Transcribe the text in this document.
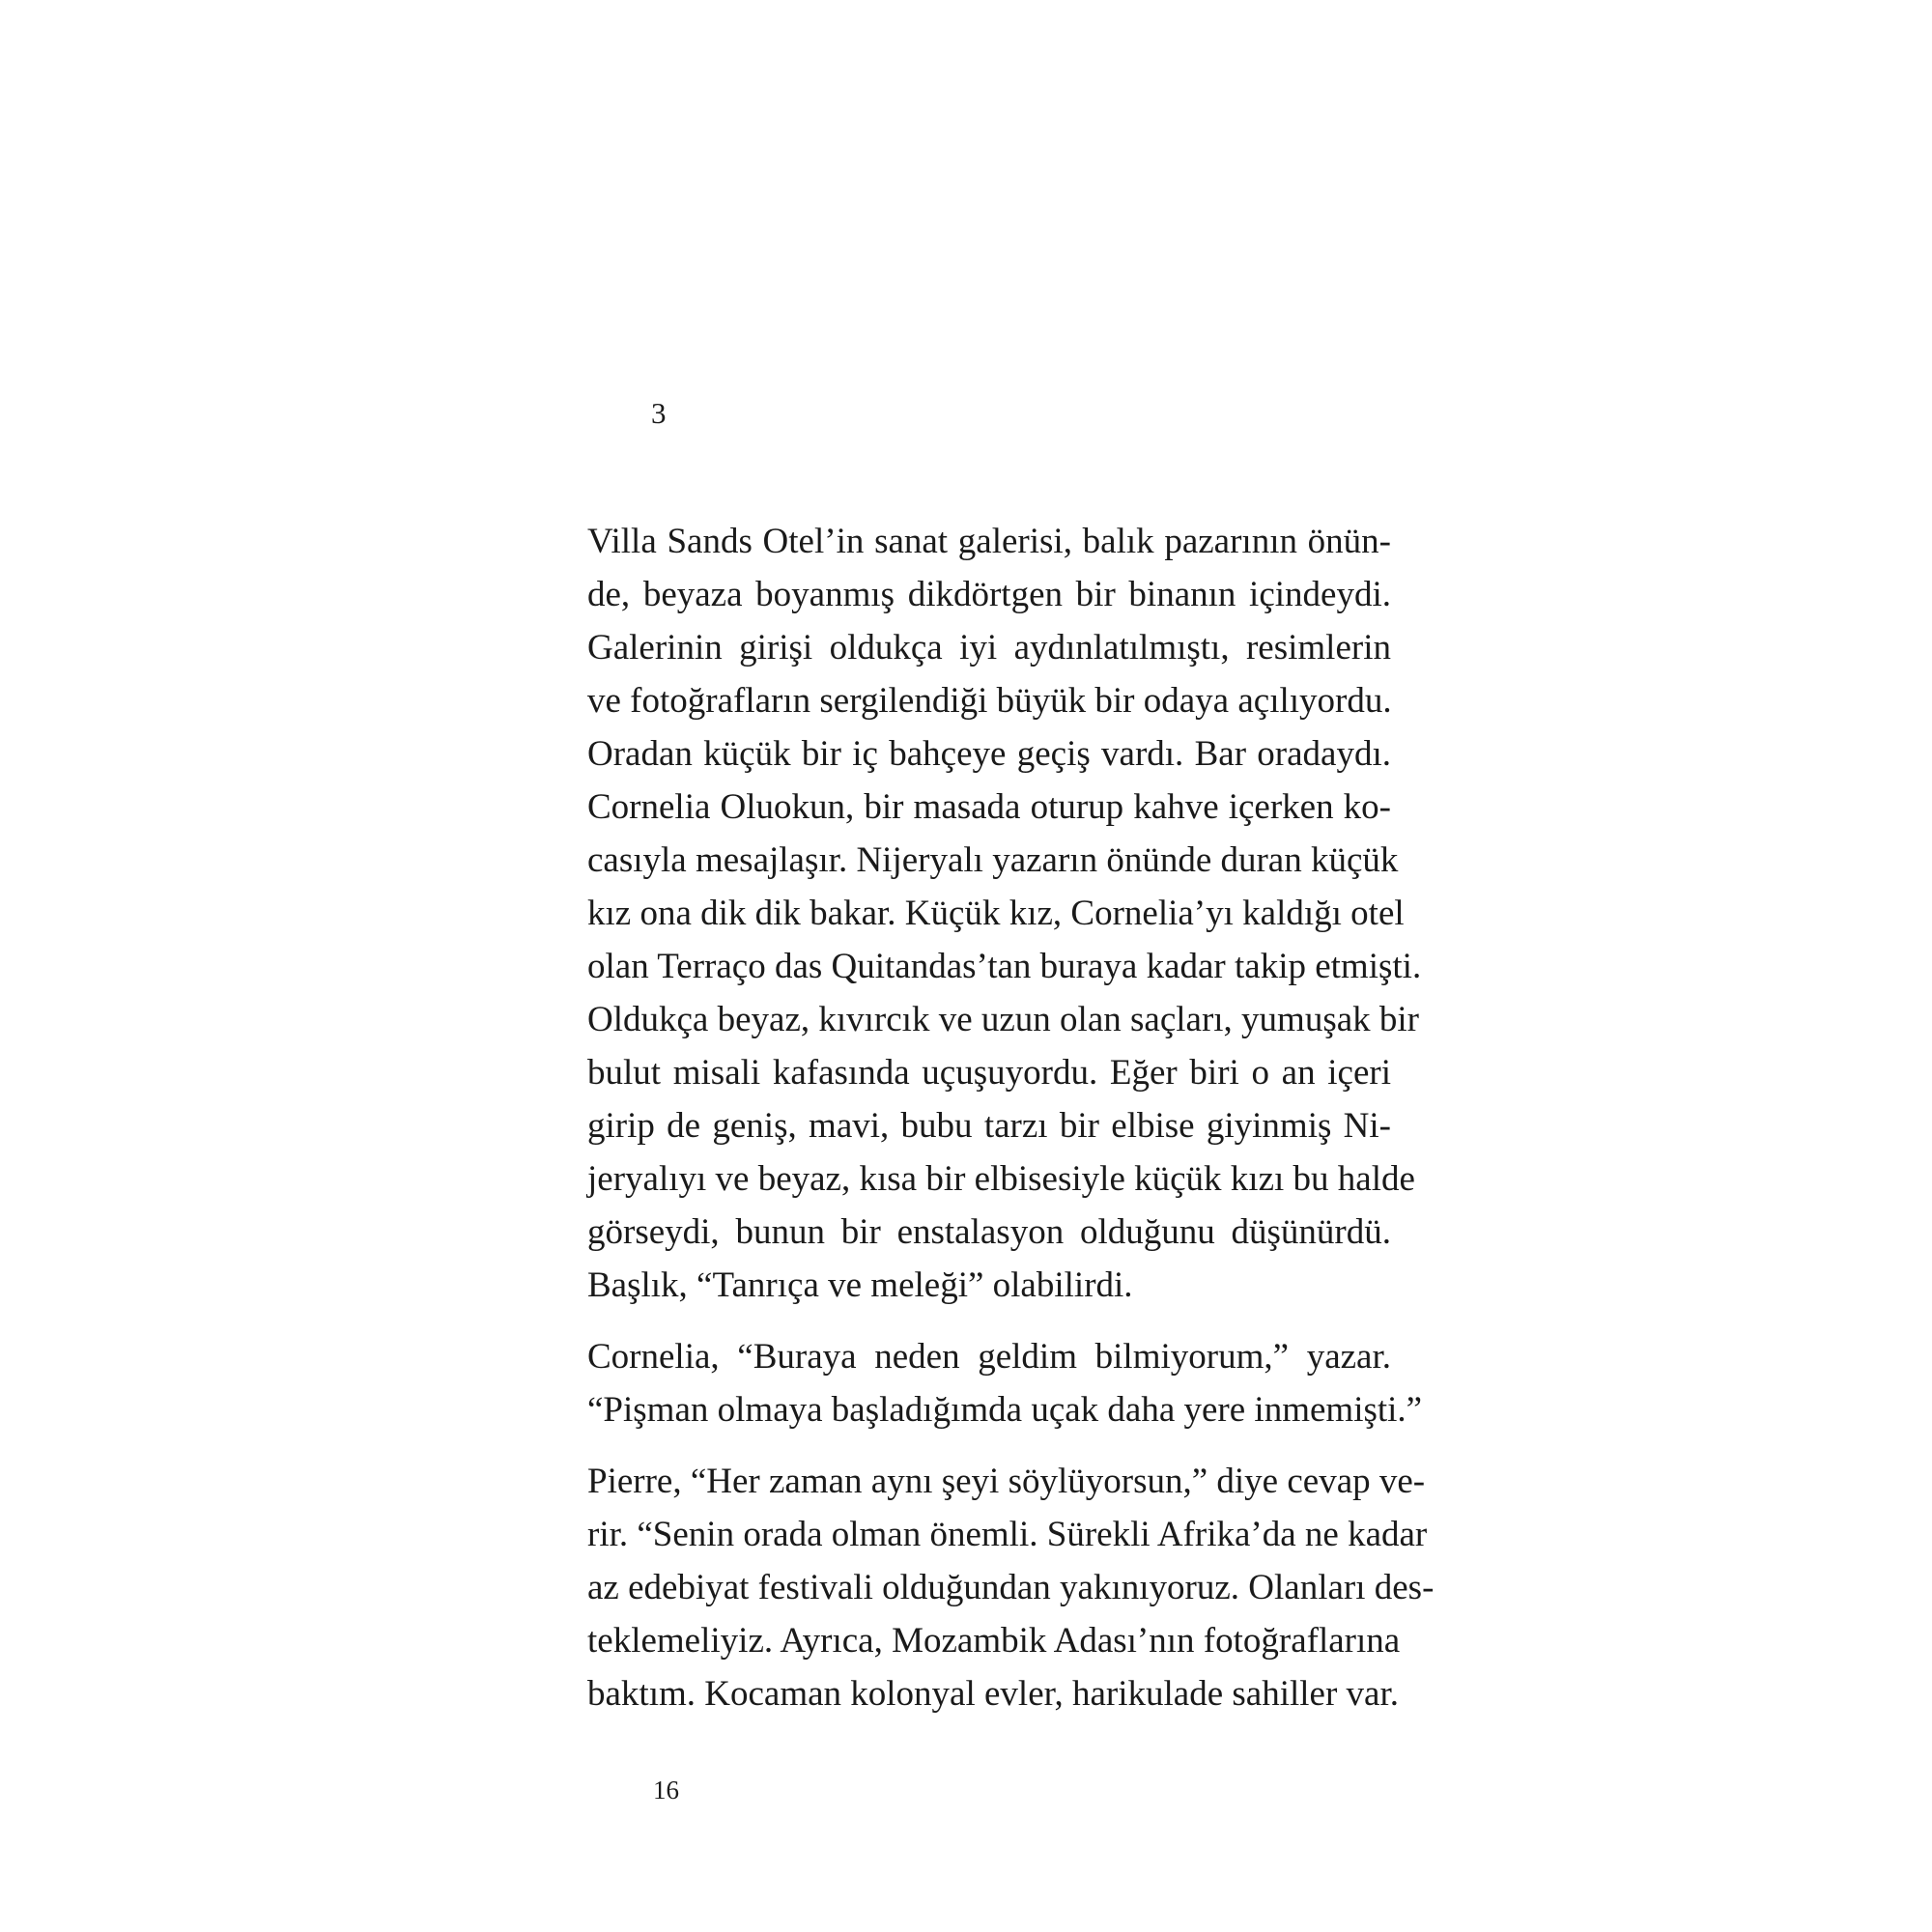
3

Villa Sands Otel’in sanat galerisi, balık pazarının önün-
de, beyaza boyanmış dikdörtgen bir binanın içindeydi.
Galerinin girişi oldukça iyi aydınlatılmıştı, resimlerin
ve fotoğrafların sergilendiği büyük bir odaya açılıyordu.
Oradan küçük bir iç bahçeye geçiş vardı. Bar oradaydı.
Cornelia Oluokun, bir masada oturup kahve içerken ko-
casıyla mesajlaşır. Nijeryalı yazarın önünde duran küçük
kız ona dik dik bakar. Küçük kız, Cornelia’yı kaldığı otel
olan Terraço das Quitandas’tan buraya kadar takip etmişti.
Oldukça beyaz, kıvırcık ve uzun olan saçları, yumuşak bir
bulut misali kafasında uçuşuyordu. Eğer biri o an içeri
girip de geniş, mavi, bubu tarzı bir elbise giyinmiş Ni-
jeryalıyı ve beyaz, kısa bir elbisesiyle küçük kızı bu halde
görseydi, bunun bir enstalasyon olduğunu düşünürdü.
Başlık, “Tanrıça ve meleği” olabilirdi.

Cornelia, “Buraya neden geldim bilmiyorum,” yazar.
“Pişman olmaya başladığımda uçak daha yere inmemişti.”

Pierre, “Her zaman aynı şeyi söylüyorsun,” diye cevap ve-
rir. “Senin orada olman önemli. Sürekli Afrika’da ne kadar
az edebiyat festivali olduğundan yakınıyoruz. Olanları des-
teklemeliyiz. Ayrıca, Mozambik Adası’nın fotoğraflarına
baktım. Kocaman kolonyal evler, harikulade sahiller var.

16
